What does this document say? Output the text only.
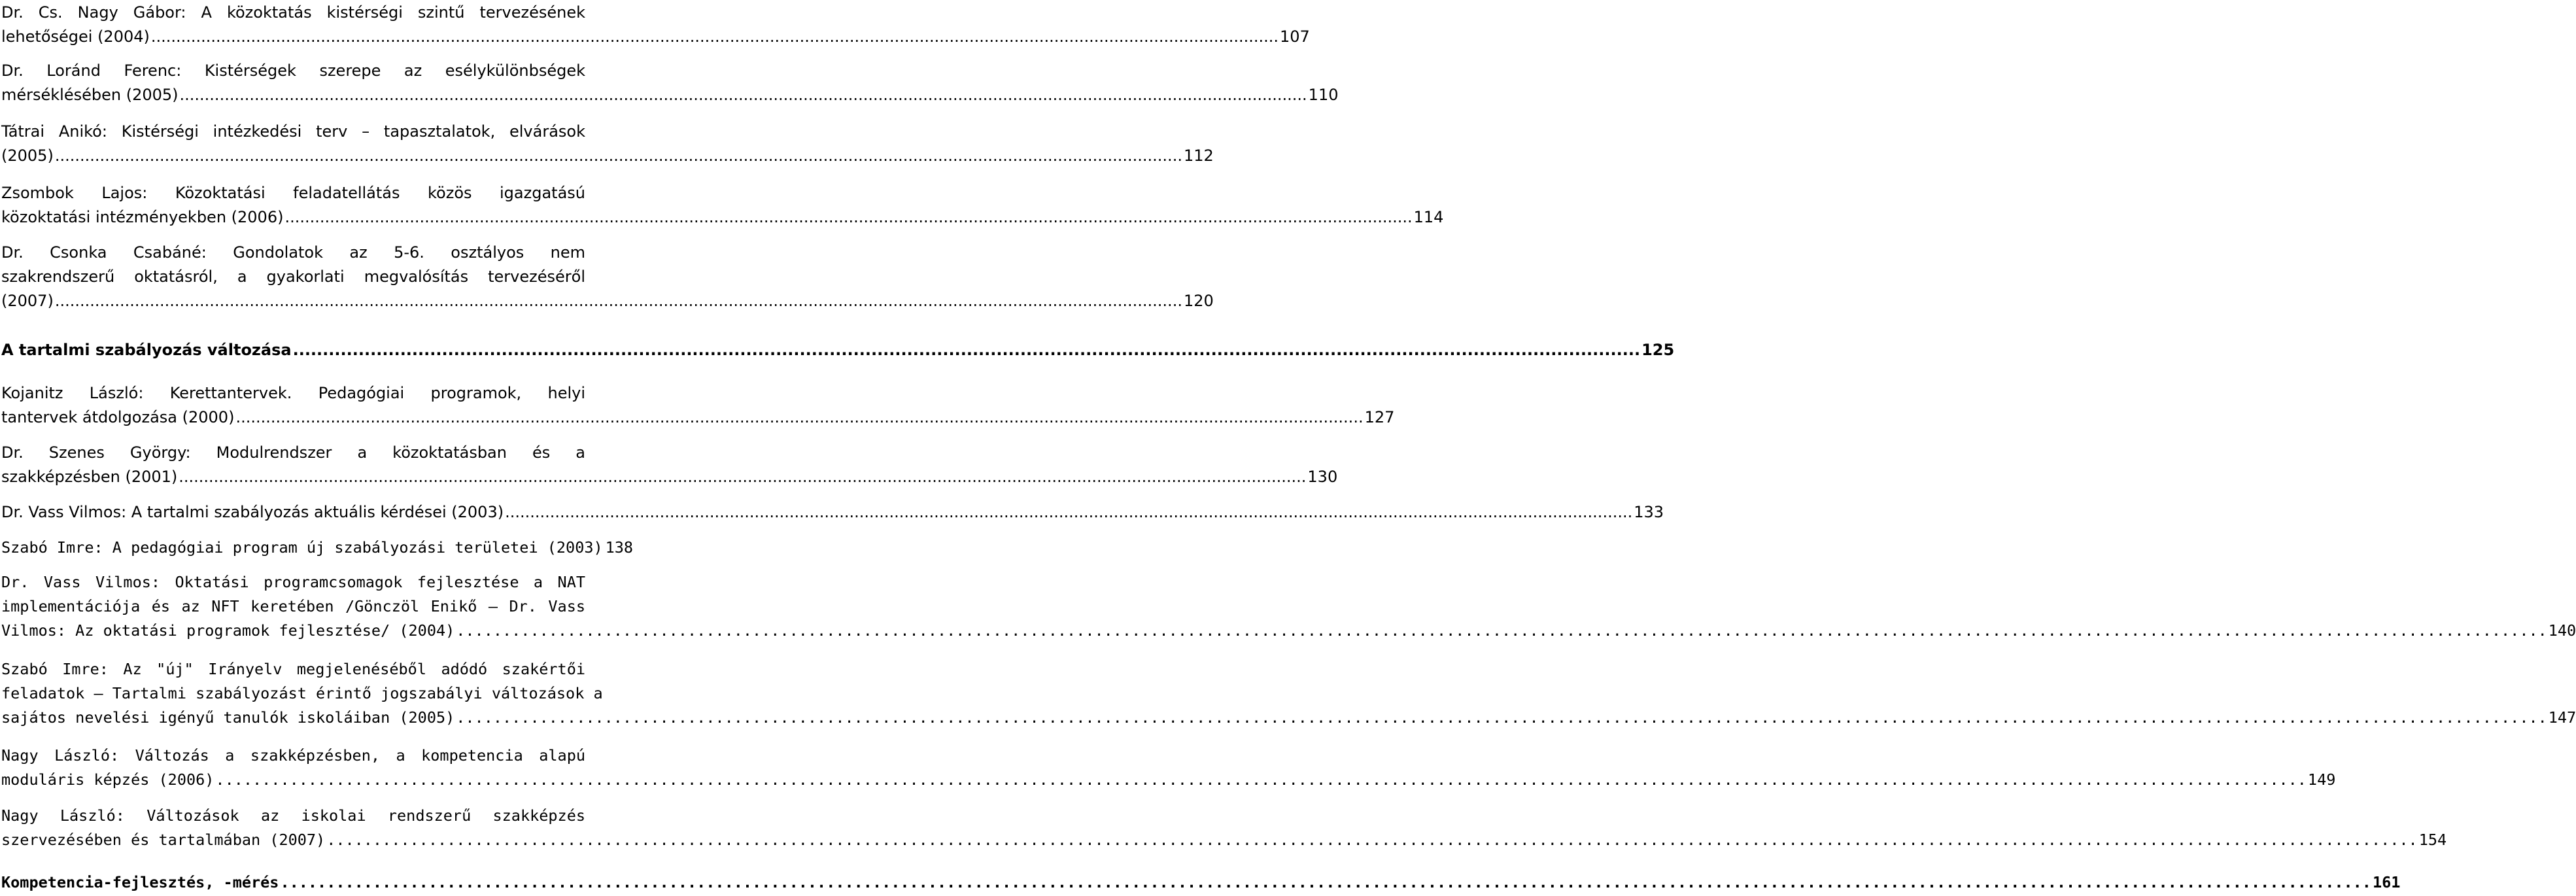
Dr. Cs. Nagy Gábor: A közoktatás kistérségi szintű tervezésének
lehetőségei (2004) .....	107
Dr. Loránd Ferenc: Kistérségek szerepe az esélykülönbségek
mérséklésében (2005) .....	110
Tátrai Anikó: Kistérségi intézkedési terv – tapasztalatok, elvárások
(2005) .....	112
Zsombok Lajos: Közoktatási feladatellátás közös igazgatású
közoktatási intézményekben (2006) .....	114
Dr. Csonka Csabáné: Gondolatok az 5-6. osztályos nem
szakrendszerű oktatásról, a gyakorlati megvalósítás tervezéséről
(2007) .....	120
A tartalmi szabályozás változása .....	125
Kojanitz László: Kerettantervek. Pedagógiai programok, helyi
tantervek átdolgozása (2000) .....	127
Dr. Szenes György: Modulrendszer a közoktatásban és a
szakképzésben (2001) .....	130
Dr. Vass Vilmos: A tartalmi szabályozás aktuális kérdései (2003) .....	133
Szabó Imre: A pedagógiai program új szabályozási területei (2003) 138
Dr. Vass Vilmos: Oktatási programcsomagok fejlesztése a NAT
implementációja és az NFT keretében /Gönczöl Enikő – Dr. Vass
Vilmos: Az oktatási programok fejlesztése/ (2004) .....	140
Szabó Imre: Az "új" Irányelv megjelenéséből adódó szakértői
feladatok – Tartalmi szabályozást érintő jogszabályi változások a
sajátos nevelési igényű tanulók iskoláiban (2005) .....	147
Nagy László: Változás a szakképzésben, a kompetencia alapú
moduláris képzés (2006) .....	149
Nagy László: Változások az iskolai rendszerű szakképzés
szervezésében és tartalmában (2007) .....	154
Kompetencia-fejlesztés, -mérés .....	161
